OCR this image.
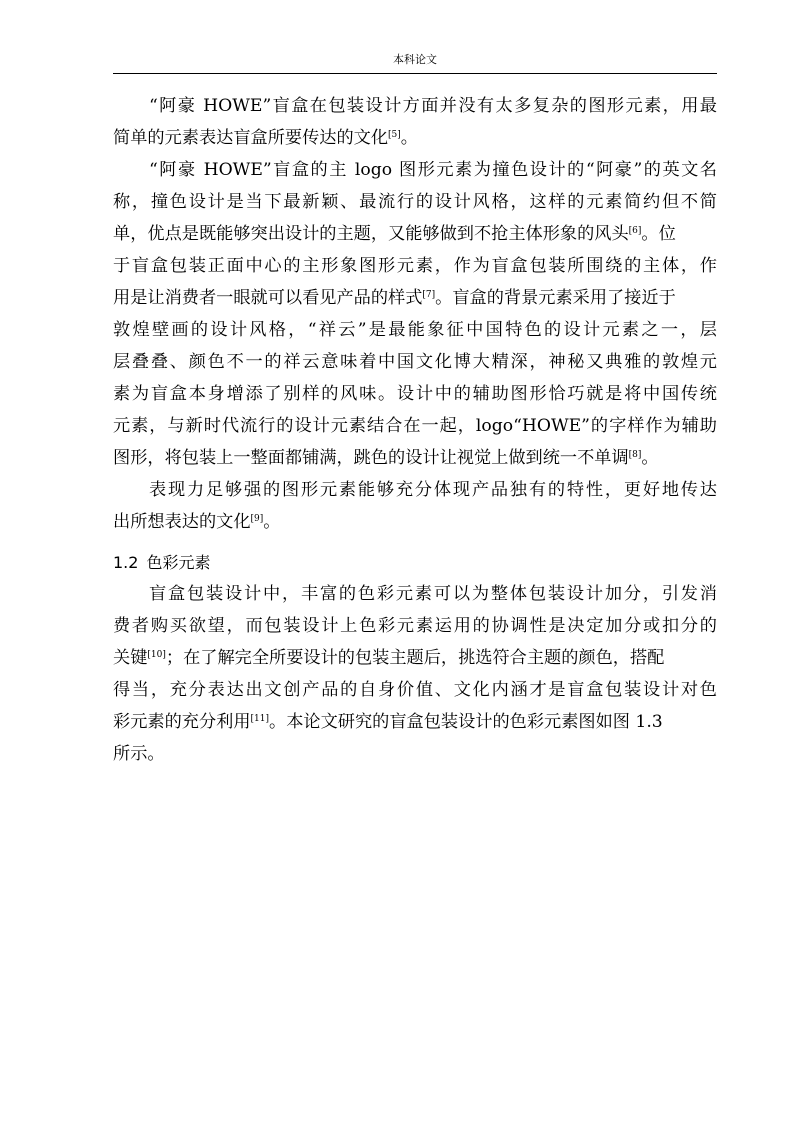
本科论文
“阿豪 HOWE”盲盒在包装设计方面并没有太多复杂的图形元素，用最
简单的元素表达盲盒所要传达的文化[5]。
“阿豪 HOWE”盲盒的主 logo 图形元素为撞色设计的“阿豪”的英文名
称，撞色设计是当下最新颖、最流行的设计风格，这样的元素简约但不简
单，优点是既能够突出设计的主题，又能够做到不抢主体形象的风头[6]。位
于盲盒包装正面中心的主形象图形元素，作为盲盒包装所围绕的主体，作
用是让消费者一眼就可以看见产品的样式[7]。盲盒的背景元素采用了接近于
敦煌壁画的设计风格，“祥云”是最能象征中国特色的设计元素之一，层
层叠叠、颜色不一的祥云意味着中国文化博大精深，神秘又典雅的敦煌元
素为盲盒本身增添了别样的风味。设计中的辅助图形恰巧就是将中国传统
元素，与新时代流行的设计元素结合在一起，logo“HOWE”的字样作为辅助
图形，将包装上一整面都铺满，跳色的设计让视觉上做到统一不单调[8]。
表现力足够强的图形元素能够充分体现产品独有的特性，更好地传达
出所想表达的文化[9]。
1.2 色彩元素
盲盒包装设计中，丰富的色彩元素可以为整体包装设计加分，引发消
费者购买欲望，而包装设计上色彩元素运用的协调性是决定加分或扣分的
关键[10]；在了解完全所要设计的包装主题后，挑选符合主题的颜色，搭配
得当，充分表达出文创产品的自身价值、文化内涵才是盲盒包装设计对色
彩元素的充分利用[11]。本论文研究的盲盒包装设计的色彩元素图如图 1.3
所示。
